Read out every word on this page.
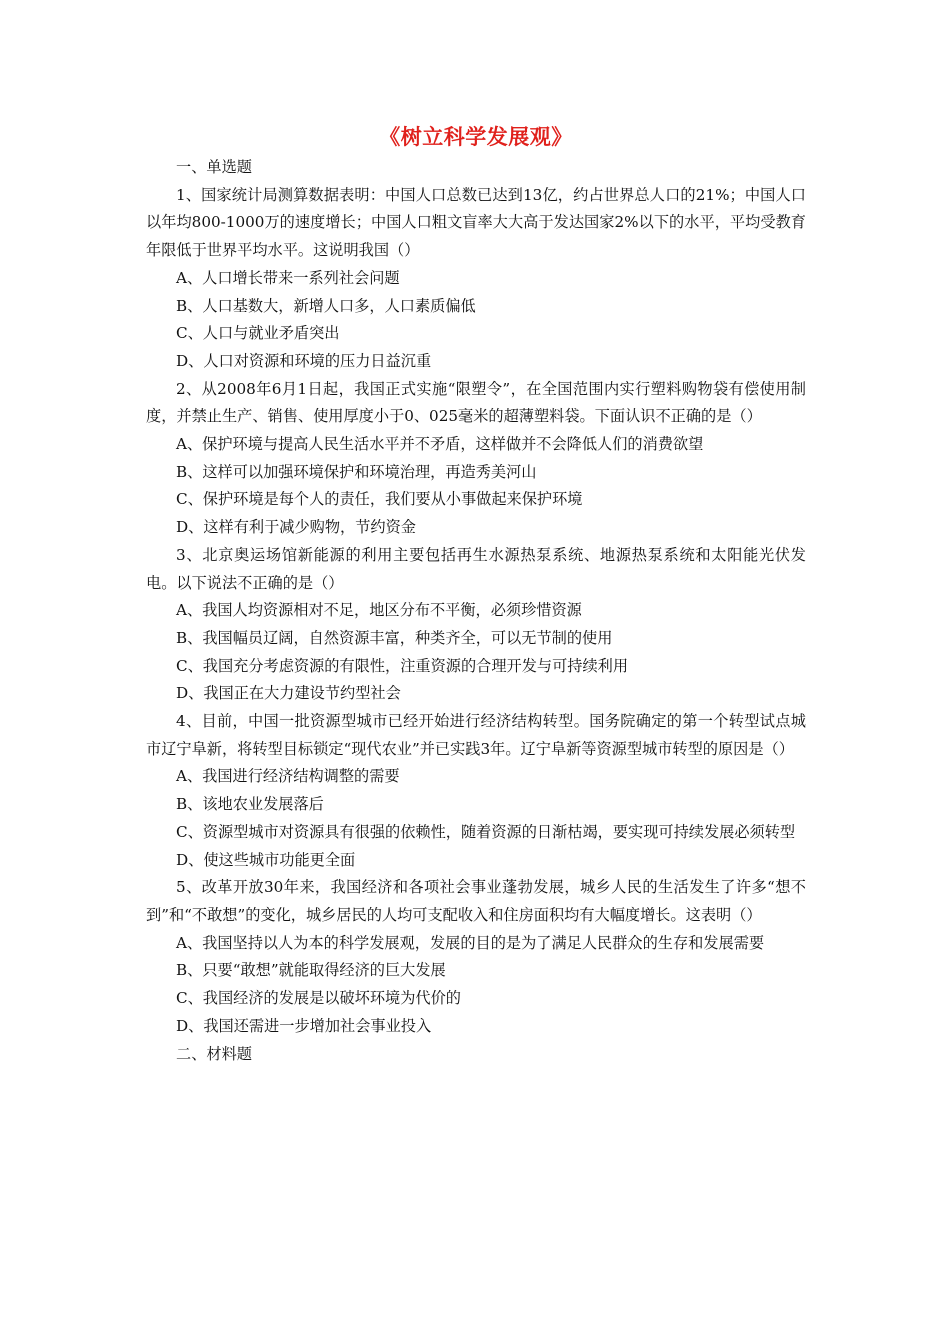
《树立科学发展观》

一、单选题

1、国家统计局测算数据表明：中国人口总数已达到13亿，约占世界总人口的21%；中国人口以年均800-1000万的速度增长；中国人口粗文盲率大大高于发达国家2%以下的水平，平均受教育年限低于世界平均水平。这说明我国（）

A、人口增长带来一系列社会问题

B、人口基数大，新增人口多，人口素质偏低

C、人口与就业矛盾突出

D、人口对资源和环境的压力日益沉重

2、从2008年6月1日起，我国正式实施“限塑令”，在全国范围内实行塑料购物袋有偿使用制度，并禁止生产、销售、使用厚度小于0、025毫米的超薄塑料袋。下面认识不正确的是（）

A、保护环境与提高人民生活水平并不矛盾，这样做并不会降低人们的消费欲望

B、这样可以加强环境保护和环境治理，再造秀美河山

C、保护环境是每个人的责任，我们要从小事做起来保护环境

D、这样有利于减少购物，节约资金

3、北京奥运场馆新能源的利用主要包括再生水源热泵系统、地源热泵系统和太阳能光伏发电。以下说法不正确的是（）

A、我国人均资源相对不足，地区分布不平衡，必须珍惜资源

B、我国幅员辽阔，自然资源丰富，种类齐全，可以无节制的使用

C、我国充分考虑资源的有限性，注重资源的合理开发与可持续利用

D、我国正在大力建设节约型社会

4、目前，中国一批资源型城市已经开始进行经济结构转型。国务院确定的第一个转型试点城市辽宁阜新，将转型目标锁定“现代农业”并已实践3年。辽宁阜新等资源型城市转型的原因是（）

A、我国进行经济结构调整的需要

B、该地农业发展落后

C、资源型城市对资源具有很强的依赖性，随着资源的日渐枯竭，要实现可持续发展必须转型

D、使这些城市功能更全面

5、改革开放30年来，我国经济和各项社会事业蓬勃发展，城乡人民的生活发生了许多“想不到”和“不敢想”的变化，城乡居民的人均可支配收入和住房面积均有大幅度增长。这表明（）

A、我国坚持以人为本的科学发展观，发展的目的是为了满足人民群众的生存和发展需要

B、只要“敢想”就能取得经济的巨大发展

C、我国经济的发展是以破坏环境为代价的

D、我国还需进一步增加社会事业投入

二、材料题
